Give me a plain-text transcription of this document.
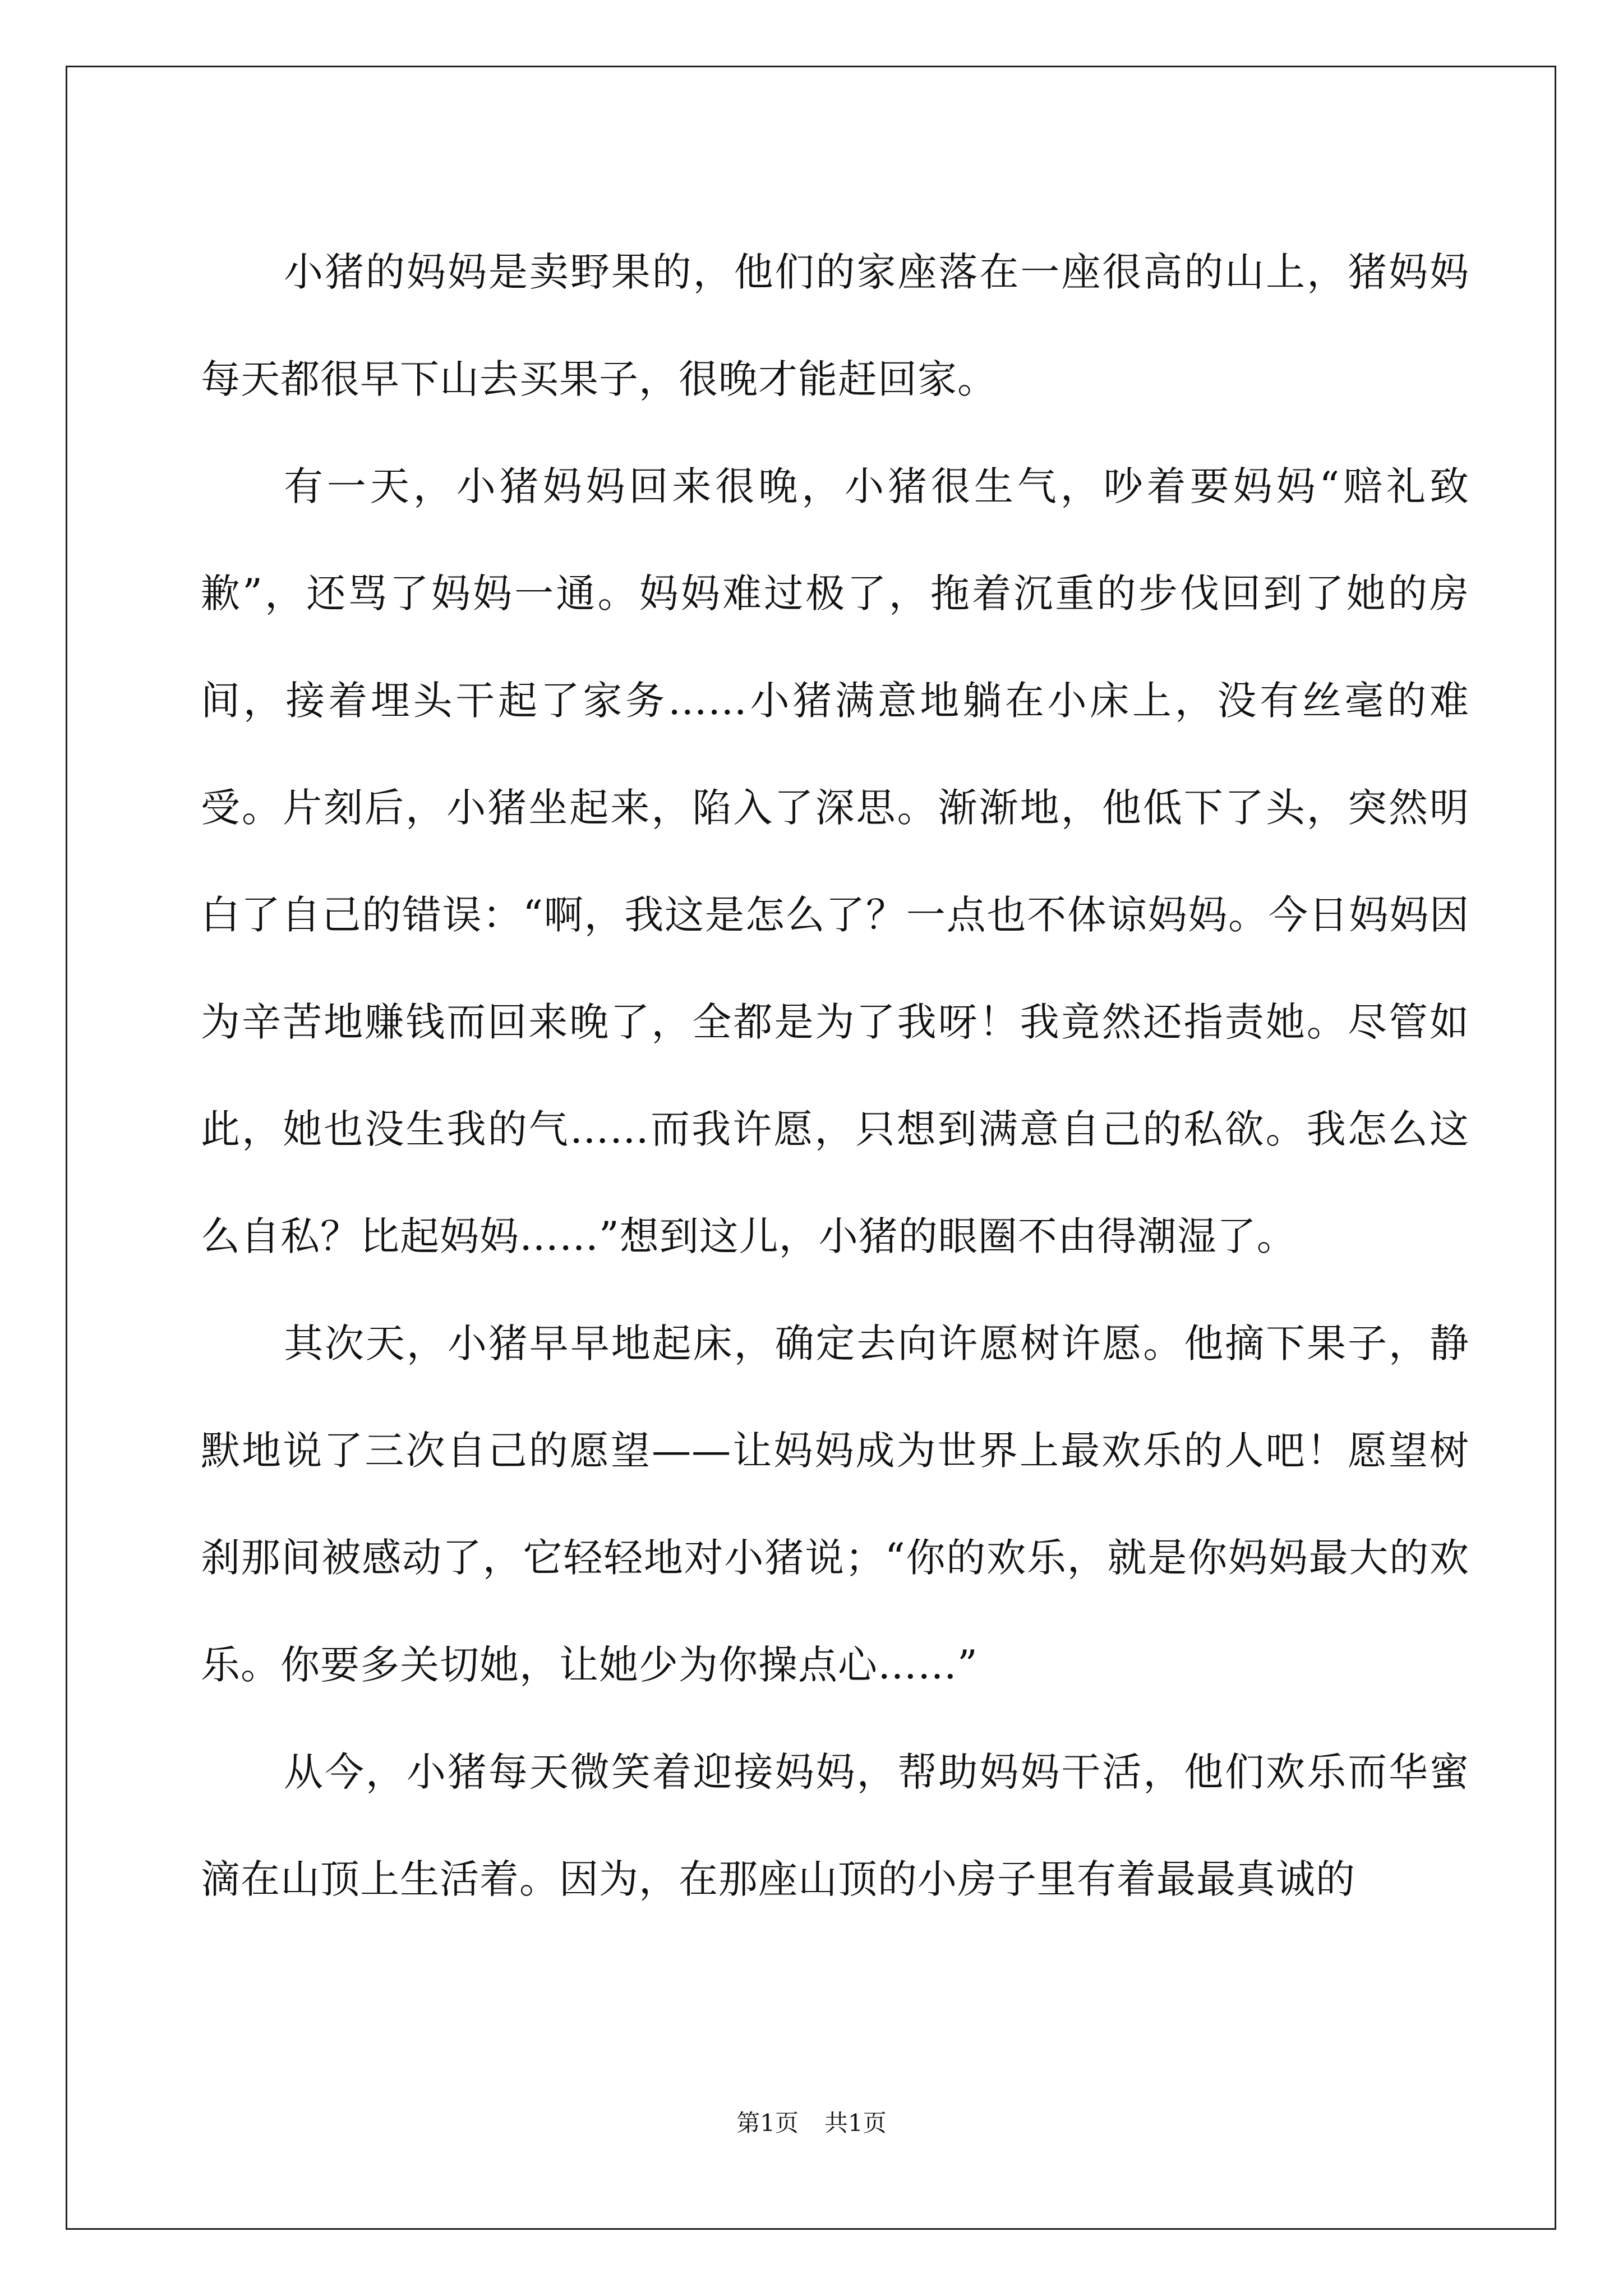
小猪的妈妈是卖野果的，他们的家座落在一座很高的山上，猪妈妈每天都很早下山去买果子，很晚才能赶回家。

有一天，小猪妈妈回来很晚，小猪很生气，吵着要妈妈“赔礼致歉”，还骂了妈妈一通。妈妈难过极了，拖着沉重的步伐回到了她的房间，接着埋头干起了家务……小猪满意地躺在小床上，没有丝毫的难受。片刻后，小猪坐起来，陷入了深思。渐渐地，他低下了头，突然明白了自己的错误：“啊，我这是怎么了？一点也不体谅妈妈。今日妈妈因为辛苦地赚钱而回来晚了，全都是为了我呀！我竟然还指责她。尽管如此，她也没生我的气……而我许愿，只想到满意自己的私欲。我怎么这么自私？比起妈妈……”想到这儿，小猪的眼圈不由得潮湿了。

其次天，小猪早早地起床，确定去向许愿树许愿。他摘下果子，静默地说了三次自己的愿望——让妈妈成为世界上最欢乐的人吧！愿望树刹那间被感动了，它轻轻地对小猪说；“你的欢乐，就是你妈妈最大的欢乐。你要多关切她，让她少为你操点心……”

从今，小猪每天微笑着迎接妈妈，帮助妈妈干活，他们欢乐而华蜜滴在山顶上生活着。因为，在那座山顶的小房子里有着最最真诚的

第1页 共1页
